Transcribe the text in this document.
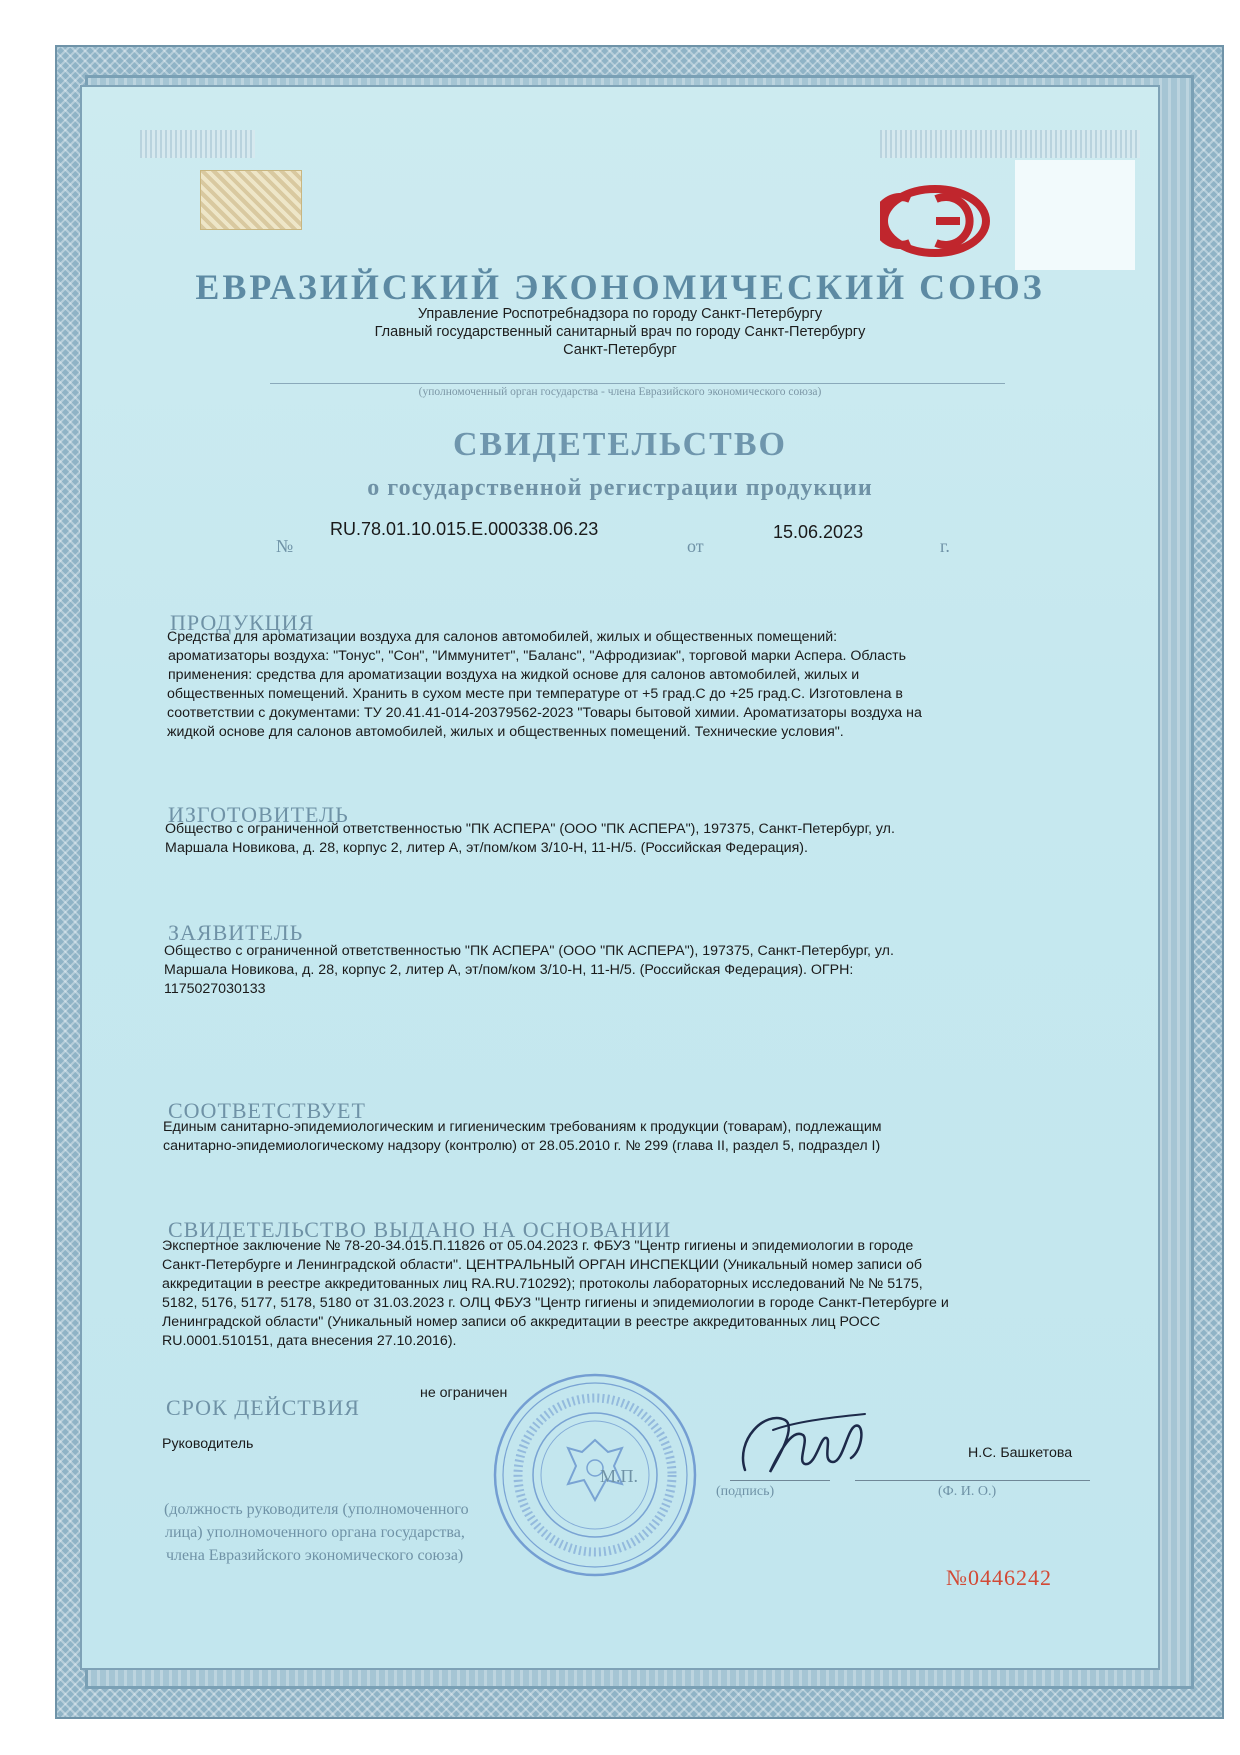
ЕВРАЗИЙСКИЙ ЭКОНОМИЧЕСКИЙ СОЮЗ
Управление Роспотребнадзора по городу Санкт-Петербургу
Главный государственный санитарный врач по городу Санкт-Петербургу
Санкт-Петербург
(уполномоченный орган государства - члена Евразийского экономического союза)
СВИДЕТЕЛЬСТВО
о государственной регистрации продукции
№
RU.78.01.10.015.Е.000338.06.23
от
15.06.2023
г.
ПРОДУКЦИЯ
Средства для ароматизации воздуха для салонов автомобилей, жилых и общественных помещений:
ароматизаторы воздуха: "Тонус", "Сон", "Иммунитет", "Баланс", "Афродизиак", торговой марки Аспера. Область
применения: средства для ароматизации воздуха на жидкой основе для салонов автомобилей, жилых и
общественных помещений. Хранить в сухом месте при температуре от +5 град.С до +25 град.С. Изготовлена в
соответствии с документами: ТУ 20.41.41-014-20379562-2023 "Товары бытовой химии. Ароматизаторы воздуха на
жидкой основе для салонов автомобилей, жилых и общественных помещений. Технические условия".
ИЗГОТОВИТЕЛЬ
Общество с ограниченной ответственностью "ПК АСПЕРА" (ООО "ПК АСПЕРА"), 197375, Санкт-Петербург, ул.
Маршала Новикова, д. 28, корпус 2, литер А, эт/пом/ком 3/10-Н, 11-Н/5. (Российская Федерация).
ЗАЯВИТЕЛЬ
Общество с ограниченной ответственностью "ПК АСПЕРА" (ООО "ПК АСПЕРА"), 197375, Санкт-Петербург, ул.
Маршала Новикова, д. 28, корпус 2, литер А, эт/пом/ком 3/10-Н, 11-Н/5. (Российская Федерация). ОГРН:
1175027030133
СООТВЕТСТВУЕТ
Единым санитарно-эпидемиологическим и гигиеническим требованиям к продукции (товарам), подлежащим
санитарно-эпидемиологическому надзору (контролю) от 28.05.2010 г. № 299 (глава II, раздел 5, подраздел I)
СВИДЕТЕЛЬСТВО ВЫДАНО НА ОСНОВАНИИ
Экспертное заключение № 78-20-34.015.П.11826 от 05.04.2023 г. ФБУЗ "Центр гигиены и эпидемиологии в городе
Санкт-Петербурге и Ленинградской области". ЦЕНТРАЛЬНЫЙ ОРГАН ИНСПЕКЦИИ (Уникальный номер записи об
аккредитации в реестре аккредитованных лиц RA.RU.710292); протоколы лабораторных исследований № № 5175,
5182, 5176, 5177, 5178, 5180 от 31.03.2023 г. ОЛЦ ФБУЗ "Центр гигиены и эпидемиологии в городе Санкт-Петербурге и
Ленинградской области" (Уникальный номер записи об аккредитации в реестре аккредитованных лиц РОСС
RU.0001.510151, дата внесения 27.10.2016).
СРОК ДЕЙСТВИЯ
не ограничен
Руководитель
Н.С. Башкетова
М.П.
(подпись)	(Ф. И. О.)
(должность руководителя (уполномоченного
лица) уполномоченного органа государства,
члена Евразийского экономического союза)
№0446242
